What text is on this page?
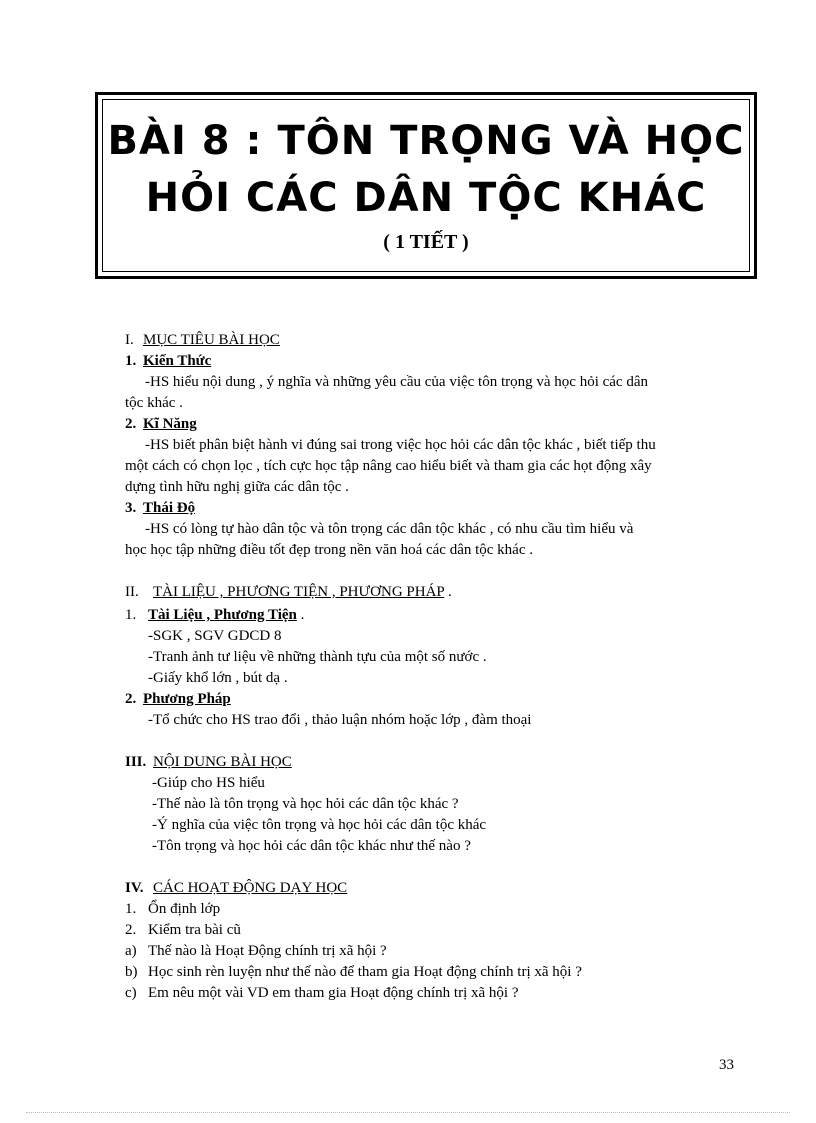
BÀI 8 : TÔN TRỌNG VÀ HỌC
HỎI CÁC DÂN TỘC KHÁC
( 1 TIẾT )
I. MỤC TIÊU BÀI HỌC
1. Kiến Thức
-HS hiểu nội dung , ý nghĩa và những yêu cầu của việc tôn trọng và học hỏi các dân
tộc khác .
2. Kĩ Năng
-HS biết phân biệt hành vi đúng sai trong việc học hỏi các dân tộc khác , biết tiếp thu
một cách có chọn lọc , tích cực học tập nâng cao hiểu biết và tham gia các họt động xây
dựng tình hữu nghị giữa các dân tộc .
3. Thái Độ
-HS có lòng tự hào dân tộc và tôn trọng các dân tộc khác , có nhu cầu tìm hiểu và
học học tập những điều tốt đẹp trong nền văn hoá các dân tộc khác .
II. TÀI LIỆU , PHƯƠNG TIỆN , PHƯƠNG PHÁP .
1. Tài Liệu , Phương Tiện .
-SGK , SGV GDCD 8
-Tranh ảnh tư liệu về những thành tựu của một số nước .
-Giấy khổ lớn , bút dạ .
2. Phương Pháp
-Tổ chức cho HS trao đổi , thảo luận nhóm hoặc lớp , đàm thoại
III. NỘI DUNG BÀI HỌC
-Giúp cho HS hiểu
-Thế nào là tôn trọng và học hỏi các dân tộc khác ?
-Ý nghĩa của việc tôn trọng và học hỏi các dân tộc khác
-Tôn trọng và học hỏi các dân tộc khác như thế nào ?
IV. CÁC HOẠT ĐỘNG DẠY HỌC
1. Ổn định lớp
2. Kiểm tra bài cũ
a) Thế nào là Hoạt Động chính trị xã hội ?
b) Học sinh rèn luyện như thế nào để tham gia Hoạt động chính trị xã hội ?
c) Em nêu một vài VD em tham gia Hoạt động chính trị xã hội ?
33
